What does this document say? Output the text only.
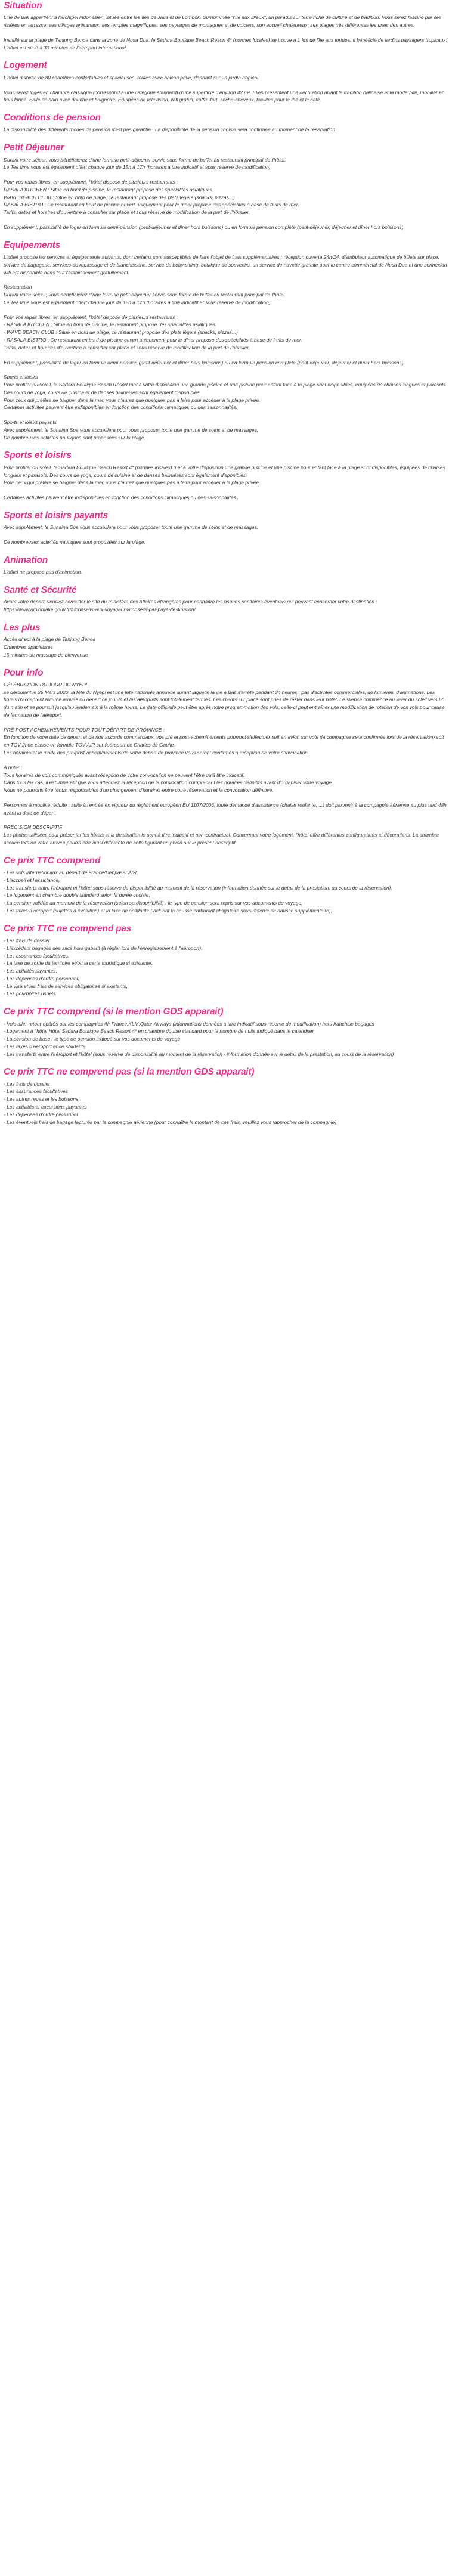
Situation
L'île de Bali appartient à l'archipel indonésien, située entre les îles de Java et de Lombok. Surnommée "l'île aux Dieux", un paradis sur terre riche de culture et de tradition. Vous serez fasciné par ses rizières en terrasse, ses villages artisanaux, ses temples magnifiques, ses paysages de montagnes et de volcans, son accueil chaleureux, ses plages très différentes les unes des autres.
Installé sur la plage de Tanjung Benoa dans la zone de Nusa Dua, le Sadara Boutique Beach Resort 4* (normes locales) se trouve à 1 km de l'île aux tortues. Il bénéficie de jardins paysagers tropicaux. L'hôtel est situé à 30 minutes de l'aéroport international.
Logement
L'hôtel dispose de 80 chambres confortables et spacieuses, toutes avec balcon privé, donnant sur un jardin tropical.
Vous serez logés en chambre classique (correspond à une catégorie standard) d'une superficie d'environ 42 m². Elles présentent une décoration alliant la tradition balinaise et la modernité, mobilier en bois foncé. Salle de bain avec douche et baignoire. Équipées de télévision, wifi gratuit, coffre-fort, sèche-cheveux, facilités pour le thé et le café.
Conditions de pension
La disponibilité des différents modes de pension n'est pas garantie . La disponibilité de la pension choisie sera confirmée au moment de la réservation
Petit Déjeuner
Durant votre séjour, vous bénéficierez d'une formule petit-déjeuner servie sous forme de buffet au restaurant principal de l'hôtel.
Le Tea time vous est également offert chaque jour de 15h à 17h (horaires à titre indicatif et sous réserve de modification).
Pour vos repas libres, en supplément, l'hôtel dispose de plusieurs restaurants :
RASALA KITCHEN : Situé en bord de piscine, le restaurant propose des spécialités asiatiques.
WAVE BEACH CLUB : Situé en bord de plage, ce restaurant propose des plats légers (snacks, pizzas...)
RASALA BISTRO : Ce restaurant en bord de piscine ouvert uniquement pour le dîner propose des spécialités à base de fruits de mer.
Tarifs, dates et horaires d'ouverture à consulter sur place et sous réserve de modification de la part de l'hôtelier.
En supplément, possibilité de loger en formule demi-pension (petit-déjeuner et dîner hors boissons) ou en formule pension complète (petit-déjeuner, déjeuner et dîner hors boissons).
Equipements
L'hôtel propose les services et équipements suivants, dont certains sont susceptibles de faire l'objet de frais supplémentaires : réception ouverte 24h/24, distributeur automatique de billets sur place, service de bagagerie, services de repassage et de blanchisserie, service de boby-sitting, boutique de souvenirs, un service de navette gratuite pour le centre commercial de Nusa Dua et une connexion wifi est disponible dans tout l'établissement gratuitement.
Restauration
Durant votre séjour, vous bénéficierez d'une formule petit-déjeuner servie sous forme de buffet au restaurant principal de l'hôtel.
Le Tea time vous est également offert chaque jour de 15h à 17h (horaires à titre indicatif et sous réserve de modification).
Pour vos repas libres, en supplément, l'hôtel dispose de plusieurs restaurants :
- RASALA KITCHEN : Situé en bord de piscine, le restaurant propose des spécialités asiatiques.
- WAVE BEACH CLUB : Situé en bord de plage, ce restaurant propose des plats légers (snacks, pizzas...)
- RASALA BISTRO : Ce restaurant en bord de piscine ouvert uniquement pour le dîner propose des spécialités à base de fruits de mer.
Tarifs, dates et horaires d'ouverture à consulter sur place et sous réserve de modification de la part de l'hôtelier.
En supplément, possibilité de loger en formule demi-pension (petit-déjeuner et dîner hors boissons) ou en formule pension complète (petit-déjeuner, déjeuner et dîner hors boissons).
Sports et loisirs
Pour profiter du soleil, le Sadara Boutique Beach Resort met à votre disposition une grande piscine et une piscine pour enfant face à la plage sont disponibles, équipées de chaises longues et parasols. Des cours de yoga, cours de cuisine et de danses balinaises sont également disponibles.
Pour ceux qui préfère se baigner dans la mer, vous n'aurez que quelques pas à faire pour accéder à la plage privée.
Certaines activités peuvent être indisponibles en fonction des conditions climatiques ou des saisonnalités.
Sports et loisirs payants
Avec supplément, le Sunaina Spa vous accueillera pour vous proposer toute une gamme de soins et de massages.
De nombreuses activités nautiques sont proposées sur la plage.
Sports et loisirs
Pour profiter du soleil, le Sadara Boutique Beach Resort 4* (normes locales) met à votre disposition une grande piscine et une piscine pour enfant face à la plage sont disponibles, équipées de chaises longues et parasols. Des cours de yoga, cours de cuisine et de danses balinaises sont également disponibles.
Pour ceux qui préfère se baigner dans la mer, vous n'aurez que quelques pas à faire pour accéder à la plage privée.
Certaines activités peuvent être indisponibles en fonction des conditions climatiques ou des saisonnalités.
Sports et loisirs payants
Avec supplément, le Sunaina Spa vous accueillera pour vous proposer toute une gamme de soins et de massages.
De nombreuses activités nautiques sont proposées sur la plage.
Animation
L'hôtel ne propose pas d'animation.
Santé et Sécurité
Avant votre départ, veuillez consulter le site du ministère des Affaires étrangères pour connaître les risques sanitaires éventuels qui peuvent concerner votre destination : https://www.diplomatie.gouv.fr/fr/conseils-aux-voyageurs/conseils-par-pays-destination/
Les plus
Accès direct à la plage de Tanjung Benoa
Chambres spacieuses
15 minutes de massage de bienvenue
Pour info
CÉLÉBRATION DU JOUR DU NYEPI :
se déroulant le 25 Mars 2020, la fête du Nyepi est une fête nationale annuelle durant laquelle la vie à Bali s'arrête pendant 24 heures : pas d'activités commerciales, de lumières, d'animations. Les hôtels n'acceptent aucune arrivée ou départ ce jour-là et les aéroports sont totalement fermés. Les clients sur place sont priés de rester dans leur hôtel. Le silence commence au lever du soleil vers 6h du matin et se poursuit jusqu'au lendemain à la même heure. La date officielle peut être après notre programmation des vols, celle-ci peut entraîner une modification de rotation de vos vols pour cause de fermeture de l'aéroport.
PRÉ-POST ACHEMINEMENTS POUR TOUT DÉPART DE PROVINCE :
En fonction de votre date de départ et de nos accords commerciaux, vos pré et post-acheminements pourront s'effectuer soit en avion sur vols (la compagnie sera confirmée lors de la réservation) soit en TGV 2nde classe en formule TGV AIR sur l'aéroport de Charles de Gaulle.
Les horaires et le mode des pré/post-acheminements de votre départ de province vous seront confirmés à réception de votre convocation.
A noter :
Tous horaires de vols communiqués avant réception de votre convocation ne peuvent l'être qu'à titre indicatif.
Dans tous les cas, il est impératif que vous attendiez la réception de la convocation comprenant les horaires définitifs avant d'organiser votre voyage.
Nous ne pourrons être tenus responsables d'un changement d'horaires entre votre réservation et la convocation définitive.
Personnes à mobilité réduite : suite à l'entrée en vigueur du règlement européen EU 1107/2006, toute demande d'assistance (chaise roulante, ...) doit parvenir à la compagnie aérienne au plus tard 48h avant la date de départ.
PRÉCISION DESCRIPTIF
Les photos utilisées pour présenter les hôtels et la destination le sont à titre indicatif et non-contractuel. Concernant votre logement, l'hôtel offre différentes configurations et décorations. La chambre allouée lors de votre arrivée pourra être ainsi différente de celle figurant en photo sur le présent descriptif.
Ce prix TTC comprend
- Les vols internationaux au départ de France/Denpasar A/R,
- L'accueil et l'assistance,
- Les transferts entre l'aéroport et l'hôtel sous réserve de disponibilité au moment de la réservation (information donnée sur le détail de la prestation, au cours de la réservation),
- Le logement en chambre double standard selon la durée choisie,
- La pension validée au moment de la réservation (selon sa disponibilité) : le type de pension sera repris sur vos documents de voyage,
- Les taxes d'aéroport (sujettes à évolution) et la taxe de solidarité (incluant la hausse carburant obligatoire sous réserve de hausse supplémentaire).
Ce prix TTC ne comprend pas
- Les frais de dossier
- L'excédent bagages des sacs hors gabarit (à régler lors de l'enregistrement à l'aéroport),
- Les assurances facultatives,
- La taxe de sortie du territoire et/ou la carte touristique si existante,
- Les activités payantes,
- Les dépenses d'ordre personnel,
- Le visa et les frais de services obligatoires si existants,
- Les pourboires usuels.
Ce prix TTC comprend (si la mention GDS apparait)
- Vols aller retour opérés par les compagnies Air France,KLM,Qatar Airways (informations données à titre indicatif sous réserve de modification) hors franchise bagages
- Logement à l'hôtel Hôtel Sadara Boutique Beach Resort 4* en chambre double standard pour le nombre de nuits indiqué dans le calendrier
- La pension de base : le type de pension indiqué sur vos documents de voyage
- Les taxes d'aéroport et de solidarité
- Les transferts entre l'aéroport et l'hôtel (sous réserve de disponibilité au moment de la réservation - information donnée sur le détail de la prestation, au cours de la réservation)
Ce prix TTC ne comprend pas (si la mention GDS apparait)
- Les frais de dossier
- Les assurances facultatives
- Les autres repas et les boissons
- Les activités et excursions payantes
- Les dépenses d'ordre personnel
- Les éventuels frais de bagage facturés par la compagnie aérienne (pour connaître le montant de ces frais, veuillez vous rapprocher de la compagnie)
